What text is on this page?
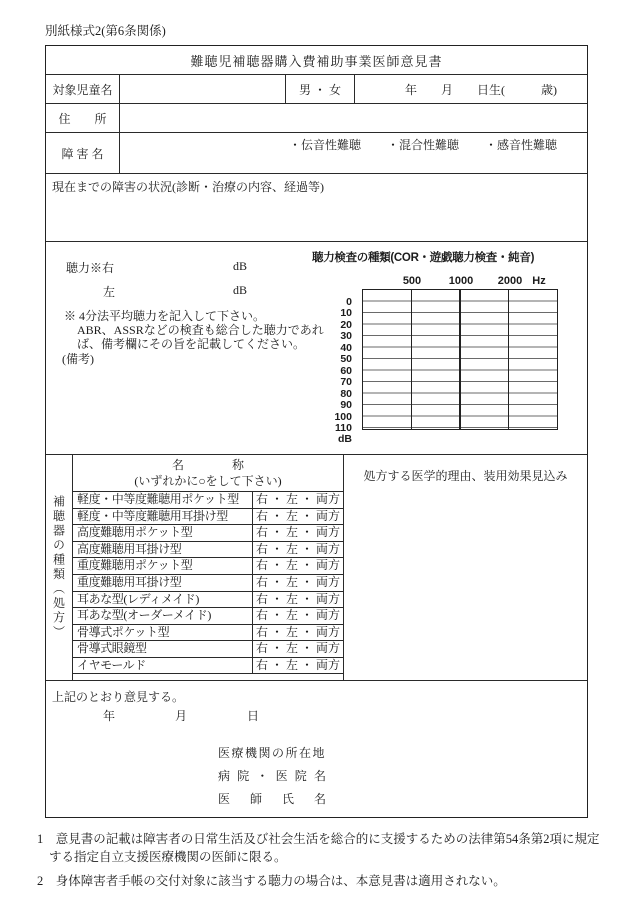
別紙様式2(第6条関係)
難聴児補聴器購入費補助事業医師意見書
対象児童名	男 ・ 女	年　　月　　日生(　　　歳)
住　　所
障 害 名
・伝音性難聴 ・混合性難聴 ・感音性難聴
現在までの障害の状況(診断・治療の内容、経過等)
聴力※右	dB
左	dB
※ 4分法平均聴力を記入して下さい。
ABR、ASSRなどの検査も総合した聴力であれ
ば、備考欄にその旨を記載してください。
(備考)
聴力検査の種類(COR・遊戯聴力検査・純音)
500	1000	2000 Hz
0
10
20
30
40
50
60
70
80
90
100
110
dB
補聴器の種類（処方）
名　　　　称
(いずれかに○をして下さい)
軽度・中等度難聴用ポケット型	右 ・ 左 ・ 両方
軽度・中等度難聴用耳掛け型	右 ・ 左 ・ 両方
高度難聴用ポケット型	右 ・ 左 ・ 両方
高度難聴用耳掛け型	右 ・ 左 ・ 両方
重度難聴用ポケット型	右 ・ 左 ・ 両方
重度難聴用耳掛け型	右 ・ 左 ・ 両方
耳あな型(レディメイド)	右 ・ 左 ・ 両方
耳あな型(オーダーメイド)	右 ・ 左 ・ 両方
骨導式ポケット型	右 ・ 左 ・ 両方
骨導式眼鏡型	右 ・ 左 ・ 両方
イヤモールド	右 ・ 左 ・ 両方
処方する医学的理由、装用効果見込み
上記のとおり意見する。
年　　　　　月　　　　　日
医療機関の所在地
病院・医院名
医師氏名
1　意見書の記載は障害者の日常生活及び社会生活を総合的に支援するための法律第54条第2項に規定
する指定自立支援医療機関の医師に限る。
2　身体障害者手帳の交付対象に該当する聴力の場合は、本意見書は適用されない。
